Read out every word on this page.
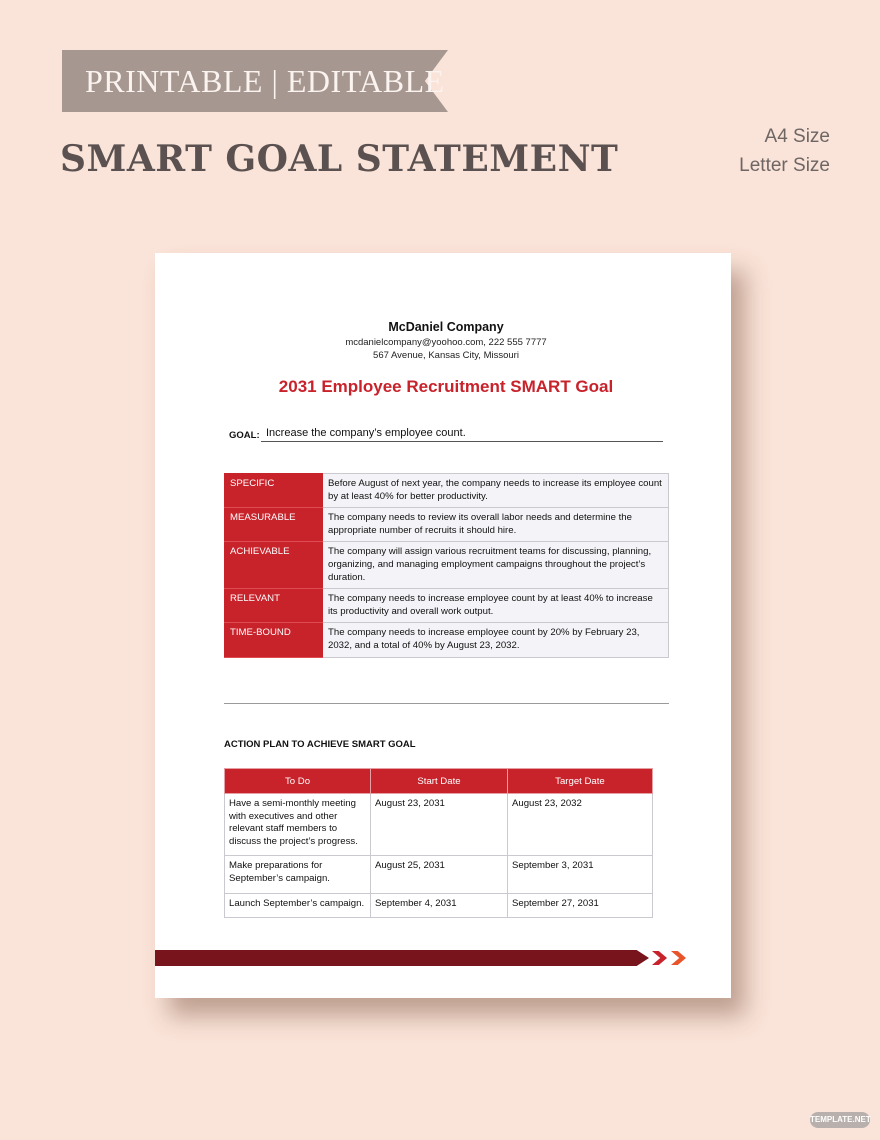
PRINTABLE | EDITABLE
SMART GOAL STATEMENT
A4 Size
Letter Size
McDaniel Company
mcdanielcompany@yoohoo.com, 222 555 7777
567 Avenue, Kansas City, Missouri
2031 Employee Recruitment SMART Goal
GOAL: Increase the company’s employee count.
SPECIFIC	Before August of next year, the company needs to increase its employee count by at least 40% for better productivity.
MEASURABLE	The company needs to review its overall labor needs and determine the appropriate number of recruits it should hire.
ACHIEVABLE	The company will assign various recruitment teams for discussing, planning, organizing, and managing employment campaigns throughout the project’s duration.
RELEVANT	The company needs to increase employee count by at least 40% to increase its productivity and overall work output.
TIME-BOUND	The company needs to increase employee count by 20% by February 23, 2032, and a total of 40% by August 23, 2032.
ACTION PLAN TO ACHIEVE SMART GOAL
To Do	Start Date	Target Date
Have a semi-monthly meeting with executives and other relevant staff members to discuss the project’s progress.	August 23, 2031	August 23, 2032
Make preparations for September’s campaign.	August 25, 2031	September 3, 2031
Launch September’s campaign.	September 4, 2031	September 27, 2031
TEMPLATE.NET
